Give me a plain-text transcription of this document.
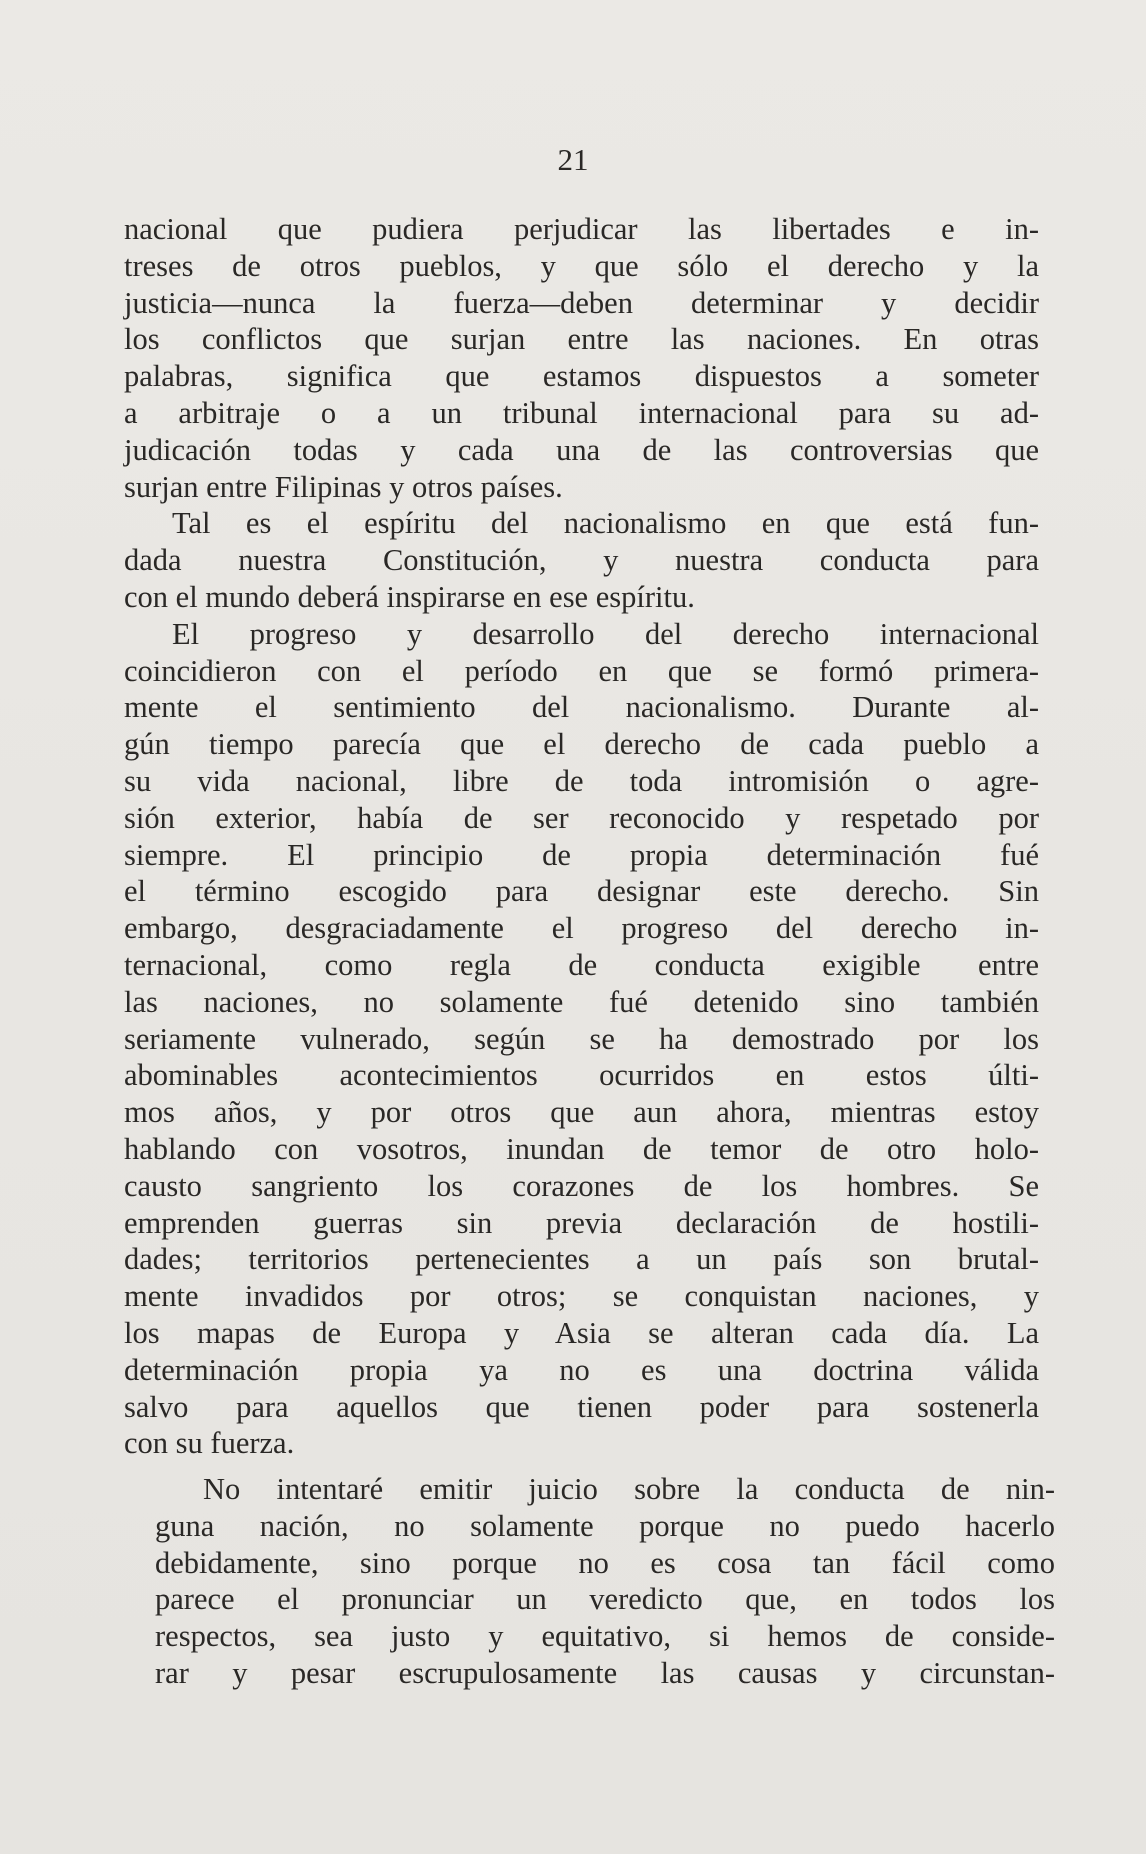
21
nacional que pudiera perjudicar las libertades e in-
treses de otros pueblos, y que sólo el derecho y la
justicia—nunca la fuerza—deben determinar y decidir
los conflictos que surjan entre las naciones. En otras
palabras, significa que estamos dispuestos a someter
a arbitraje o a un tribunal internacional para su ad-
judicación todas y cada una de las controversias que
surjan entre Filipinas y otros países.
Tal es el espíritu del nacionalismo en que está fun-
dada nuestra Constitución, y nuestra conducta para
con el mundo deberá inspirarse en ese espíritu.
El progreso y desarrollo del derecho internacional
coincidieron con el período en que se formó primera-
mente el sentimiento del nacionalismo. Durante al-
gún tiempo parecía que el derecho de cada pueblo a
su vida nacional, libre de toda intromisión o agre-
sión exterior, había de ser reconocido y respetado por
siempre. El principio de propia determinación fué
el término escogido para designar este derecho. Sin
embargo, desgraciadamente el progreso del derecho in-
ternacional, como regla de conducta exigible entre
las naciones, no solamente fué detenido sino también
seriamente vulnerado, según se ha demostrado por los
abominables acontecimientos ocurridos en estos últi-
mos años, y por otros que aun ahora, mientras estoy
hablando con vosotros, inundan de temor de otro holo-
causto sangriento los corazones de los hombres. Se
emprenden guerras sin previa declaración de hostili-
dades; territorios pertenecientes a un país son brutal-
mente invadidos por otros; se conquistan naciones, y
los mapas de Europa y Asia se alteran cada día. La
determinación propia ya no es una doctrina válida
salvo para aquellos que tienen poder para sostenerla
con su fuerza.
No intentaré emitir juicio sobre la conducta de nin-
guna nación, no solamente porque no puedo hacerlo
debidamente, sino porque no es cosa tan fácil como
parece el pronunciar un veredicto que, en todos los
respectos, sea justo y equitativo, si hemos de conside-
rar y pesar escrupulosamente las causas y circunstan-
